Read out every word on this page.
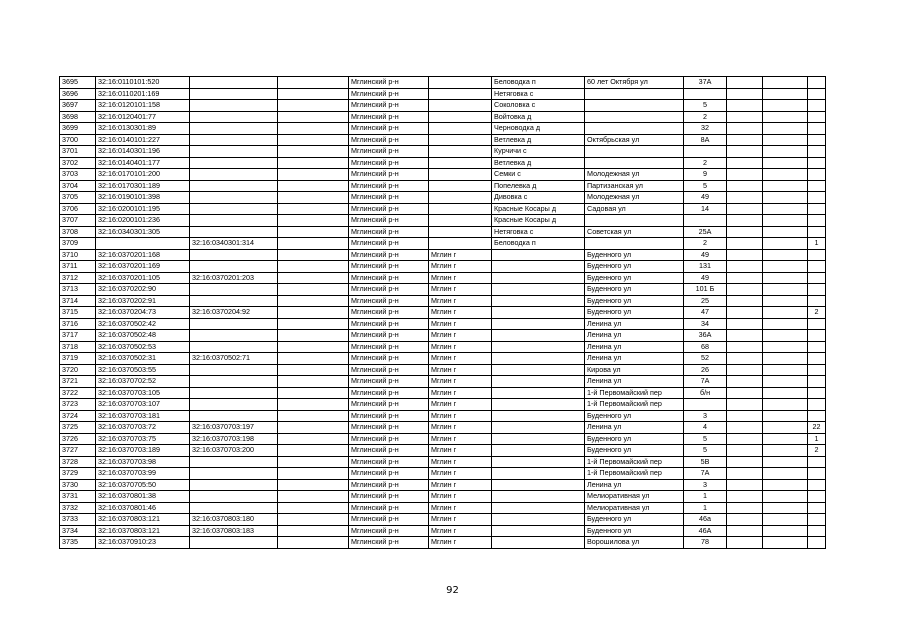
3695	32:16:0110101:520			Мглинский р-н		Беловодка п	60 лет Октября ул	37А			
3696	32:16:0110201:169			Мглинский р-н		Нетяговка с					
3697	32:16:0120101:158			Мглинский р-н		Соколовка с		5			
3698	32:16:0120401:77			Мглинский р-н		Войтовка д		2			
3699	32:16:0130301:89			Мглинский р-н		Черноводка д		32			
3700	32:16:0140101:227			Мглинский р-н		Ветлевка д	Октябрьская ул	8А			
3701	32:16:0140301:196			Мглинский р-н		Курчичи с					
3702	32:16:0140401:177			Мглинский р-н		Ветлевка д		2			
3703	32:16:0170101:200			Мглинский р-н		Семки с	Молодежная ул	9			
3704	32:16:0170301:189			Мглинский р-н		Попелевка д	Партизанская ул	5			
3705	32:16:0190101:398			Мглинский р-н		Дивовка с	Молодежная ул	49			
3706	32:16:0200101:195			Мглинский р-н		Красные Косары д	Садовая ул	14			
3707	32:16:0200101:236			Мглинский р-н		Красные Косары д					
3708	32:16:0340301:305			Мглинский р-н		Нетяговка с	Советская ул	25А			
3709		32:16:0340301:314		Мглинский р-н		Беловодка п		2			1
3710	32:16:0370201:168			Мглинский р-н	Мглин г		Буденного ул	49			
3711	32:16:0370201:169			Мглинский р-н	Мглин г		Буденного ул	131			
3712	32:16:0370201:105	32:16:0370201:203		Мглинский р-н	Мглин г		Буденного ул	49			
3713	32:16:0370202:90			Мглинский р-н	Мглин г		Буденного ул	101 Б			
3714	32:16:0370202:91			Мглинский р-н	Мглин г		Буденного ул	25			
3715	32:16:0370204:73	32:16:0370204:92		Мглинский р-н	Мглин г		Буденного ул	47			2
3716	32:16:0370502:42			Мглинский р-н	Мглин г		Ленина ул	34			
3717	32:16:0370502:48			Мглинский р-н	Мглин г		Ленина ул	36А			
3718	32:16:0370502:53			Мглинский р-н	Мглин г		Ленина ул	68			
3719	32:16:0370502:31	32:16:0370502:71		Мглинский р-н	Мглин г		Ленина ул	52			
3720	32:16:0370503:55			Мглинский р-н	Мглин г		Кирова ул	26			
3721	32:16:0370702:52			Мглинский р-н	Мглин г		Ленина ул	7А			
3722	32:16:0370703:105			Мглинский р-н	Мглин г		1-й Первомайский пер	б/н			
3723	32:16:0370703:107			Мглинский р-н	Мглин г		1-й Первомайский пер				
3724	32:16:0370703:181			Мглинский р-н	Мглин г		Буденного ул	3			
3725	32:16:0370703:72	32:16:0370703:197		Мглинский р-н	Мглин г		Ленина ул	4			22
3726	32:16:0370703:75	32:16:0370703:198		Мглинский р-н	Мглин г		Буденного ул	5			1
3727	32:16:0370703:189	32:16:0370703:200		Мглинский р-н	Мглин г		Буденного ул	5			2
3728	32:16:0370703:98			Мглинский р-н	Мглин г		1-й Первомайский пер	5В			
3729	32:16:0370703:99			Мглинский р-н	Мглин г		1-й Первомайский пер	7А			
3730	32:16:0370705:50			Мглинский р-н	Мглин г		Ленина ул	3			
3731	32:16:0370801:38			Мглинский р-н	Мглин г		Мелиоративная ул	1			
3732	32:16:0370801:46			Мглинский р-н	Мглин г		Мелиоративная ул	1			
3733	32:16:0370803:121	32:16:0370803:180		Мглинский р-н	Мглин г		Буденного ул	46а			
3734	32:16:0370803:121	32:16:0370803:183		Мглинский р-н	Мглин г		Буденного ул	46А			
3735	32:16:0370910:23			Мглинский р-н	Мглин г		Ворошилова ул	78			
92
